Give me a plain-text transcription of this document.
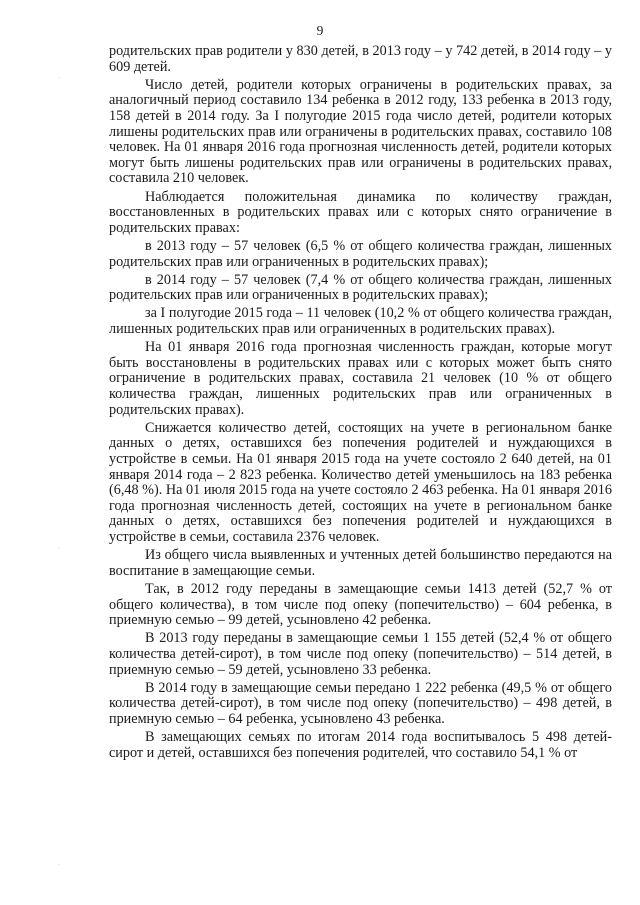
9

родительских прав родители у 830 детей, в 2013 году – у 742 детей, в 2014 году – у 609 детей.

Число детей, родители которых ограничены в родительских правах, за аналогичный период составило 134 ребенка в 2012 году, 133 ребенка в 2013 году, 158 детей в 2014 году. За I полугодие 2015 года число детей, родители которых лишены родительских прав или ограничены в родительских правах, составило 108 человек. На 01 января 2016 года прогнозная численность детей, родители которых могут быть лишены родительских прав или ограничены в родительских правах, составила 210 человек.

Наблюдается положительная динамика по количеству граждан, восстановленных в родительских правах или с которых снято ограничение в родительских правах:

в 2013 году – 57 человек (6,5 % от общего количества граждан, лишенных родительских прав или ограниченных в родительских правах);

в 2014 году – 57 человек (7,4 % от общего количества граждан, лишенных родительских прав или ограниченных в родительских правах);

за I полугодие 2015 года – 11 человек (10,2 % от общего количества граждан, лишенных родительских прав или ограниченных в родительских правах).

На 01 января 2016 года прогнозная численность граждан, которые могут быть восстановлены в родительских правах или с которых может быть снято ограничение в родительских правах, составила 21 человек (10 % от общего количества граждан, лишенных родительских прав или ограниченных в родительских правах).

Снижается количество детей, состоящих на учете в региональном банке данных о детях, оставшихся без попечения родителей и нуждающихся в устройстве в семьи. На 01 января 2015 года на учете состояло 2 640 детей, на 01 января 2014 года – 2 823 ребенка. Количество детей уменьшилось на 183 ребенка (6,48 %). На 01 июля 2015 года на учете состояло 2 463 ребенка. На 01 января 2016 года прогнозная численность детей, состоящих на учете в региональном банке данных о детях, оставшихся без попечения родителей и нуждающихся в устройстве в семьи, составила 2376 человек.

Из общего числа выявленных и учтенных детей большинство передаются на воспитание в замещающие семьи.

Так, в 2012 году переданы в замещающие семьи 1413 детей (52,7 % от общего количества), в том числе под опеку (попечительство) – 604 ребенка, в приемную семью – 99 детей, усыновлено 42 ребенка.

В 2013 году переданы в замещающие семьи 1 155 детей (52,4 % от общего количества детей-сирот), в том числе под опеку (попечительство) – 514 детей, в приемную семью – 59 детей, усыновлено 33 ребенка.

В 2014 году в замещающие семьи передано 1 222 ребенка (49,5 % от общего количества детей-сирот), в том числе под опеку (попечительство) – 498 детей, в приемную семью – 64 ребенка, усыновлено 43 ребенка.

В замещающих семьях по итогам 2014 года воспитывалось 5 498 детей-сирот и детей, оставшихся без попечения родителей, что составило 54,1 % от

·
·
·
